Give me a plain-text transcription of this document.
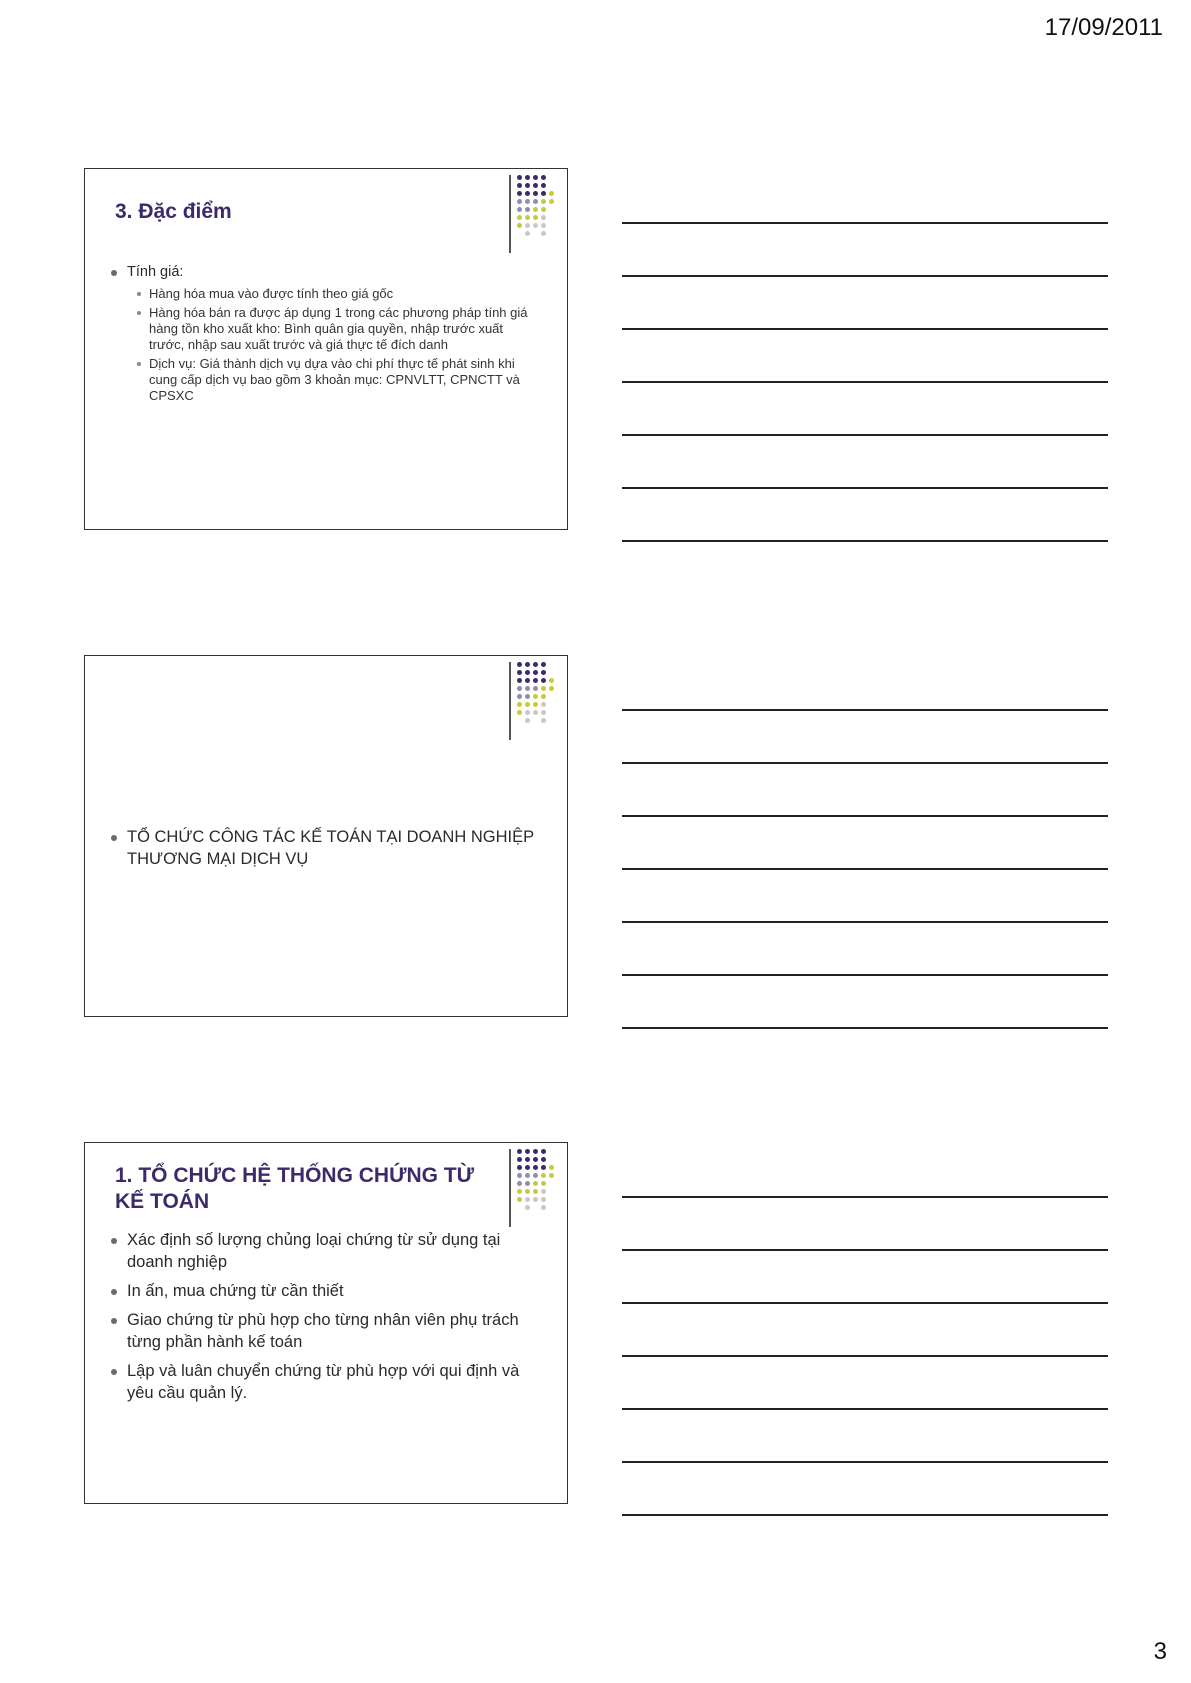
17/09/2011
3. Đặc điểm
Tính giá:
Hàng hóa mua vào được tính theo giá gốc
Hàng hóa bán ra được áp dụng 1 trong các phương pháp tính giá hàng tồn kho xuất kho: Bình quân gia quyền, nhập trước xuất trước, nhập sau xuất trước và giá thực tế đích danh
Dịch vụ: Giá thành dịch vụ dựa vào chi phí thực tế phát sinh khi cung cấp dịch vụ bao gồm 3 khoản mục: CPNVLTT, CPNCTT và CPSXC
TỔ CHỨC CÔNG TÁC KẾ TOÁN TẠI DOANH NGHIỆP THƯƠNG MẠI DỊCH VỤ
1. TỔ CHỨC HỆ THỐNG CHỨNG TỪ KẾ TOÁN
Xác định số lượng chủng loại chứng từ sử dụng tại doanh nghiệp
In ấn, mua chứng từ cần thiết
Giao chứng từ phù hợp cho từng nhân viên phụ trách từng phần hành kế toán
Lập và luân chuyển chứng từ phù hợp với qui định và yêu cầu quản lý.
3
